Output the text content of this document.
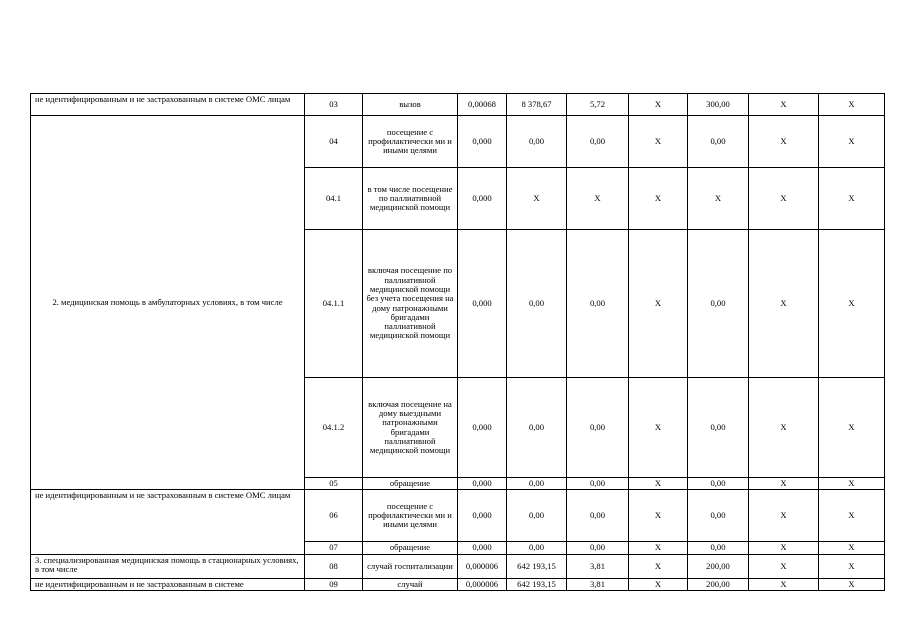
не идентифицированным и не застрахованным в системе ОМС лицам	03	вызов	0,00068	8 378,67	5,72	X	300,00	X	X
2. медицинская помощь в амбулаторных условиях, в том числе	04	посещение с профилактически ми и иными целями	0,000	0,00	0,00	X	0,00	X	X
	04.1	в том числе посещение по паллиативной медицинской помощи	0,000	X	X	X	X	X	X
	04.1.1	включая посещение по паллиативной медицинской помощи без учета посещения на дому патронажными бригадами паллиативной медицинской помощи	0,000	0,00	0,00	X	0,00	X	X
	04.1.2	включая посещение на дому выездными патронажными бригадами паллиативной медицинской помощи	0,000	0,00	0,00	X	0,00	X	X
	05	обращение	0,000	0,00	0,00	X	0,00	X	X
не идентифицированным и не застрахованным в системе ОМС лицам	06	посещение с профилактически ми и иными целями	0,000	0,00	0,00	X	0,00	X	X
	07	обращение	0,000	0,00	0,00	X	0,00	X	X
3. специализированная медицинская помощь в стационарных условиях, в том числе	08	случай госпитализации	0,000006	642 193,15	3,81	X	200,00	X	X
не идентифицированным и не застрахованным в системе	09	случай	0,000006	642 193,15	3,81	X	200,00	X	X
